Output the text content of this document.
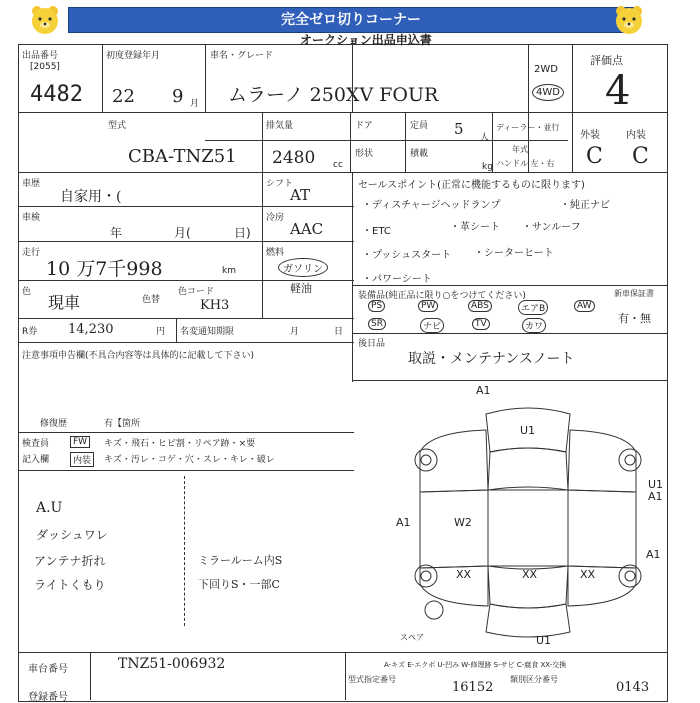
完全ゼロ切りコーナー
オークション出品申込書
出品番号
[2055]
4482
初度登録年月
22 9 月
車名・グレード
ムラーノ 250XV FOUR
2WD
4WD
評価点
4
型式
CBA-TNZ51
排気量
2480 cc
ドア	定員 5 人
ディーラー・並行
年式
ハンドル 左・右
形状	積載
kg
外装	内装
C C
車歴
自家用・(
シフト
AT
車検
年	月(	日)
冷房
AAC
走行
10 万7千998	km
燃料
ガソリン
軽油
色
現車	色替
色コード
KH3
R券 14,230	円 名変通知期限	月	日
注意事項申告欄(不具合内容等は具体的に記載して下さい)
修復歴	有【箇所
検査員
記入欄
FW	キズ・飛石・ヒビ割・リペア跡・×要
内装	キズ・汚レ・コゲ・穴・スレ・キレ・破レ
A.U
ダッシュワレ
アンテナ折れ
ライトくもり
ミラールーム内S
下回りS・一部C
セールスポイント(正常に機能するものに限ります)
・ディスチャージヘッドランプ	・純正ナビ
・ETC	・革シート ・サンルーフ
・プッシュスタート ・シーターヒート
・パワーシート
装備品(純正品に限り○をつけてください)
PS	PW	ABS	エアB	AW
SR	ナビ	TV	カワ
新車保証書
有・無
後日品
取説・メンテナンスノート
A1
U1
U1
A1
A1	W2
A1
XX	XX	XX
U1
スペア
A-キズ E-エクボ U-凹み W-修理跡 S-サビ C-腐食 XX-交換
車台番号	TNZ51-006932
登録番号
型式指定番号
16152
類別区分番号
0143
